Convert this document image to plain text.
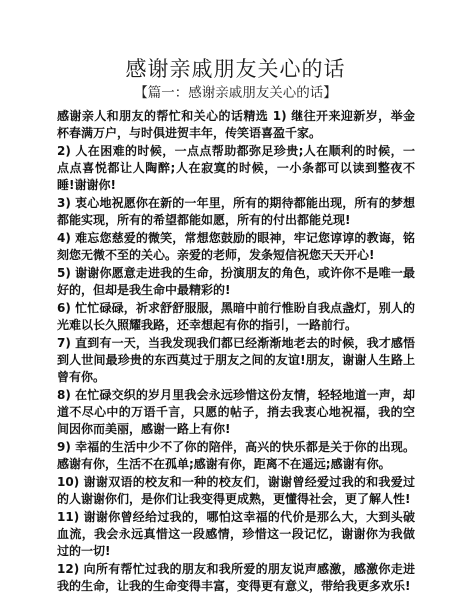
感谢亲戚朋友关心的话
【篇一：感谢亲戚朋友关心的话】

感谢亲人和朋友的帮忙和关心的话精选 1) 继往开来迎新岁，举金杯春满万户，与时俱进贺丰年，传笑语喜盈千家。

2) 人在困难的时候，一点点帮助都弥足珍贵;人在顺利的时候，一点点喜悦都让人陶醉;人在寂寞的时候，一小条都可以读到整夜不睡!谢谢你!

3) 衷心地祝愿你在新的一年里，所有的期待都能出现，所有的梦想都能实现，所有的希望都能如愿，所有的付出都能兑现!

4) 难忘您慈爱的微笑，常想您鼓励的眼神，牢记您谆谆的教诲，铭刻您无微不至的关心。亲爱的老师，发条短信祝您天天开心!

5) 谢谢你愿意走进我的生命，扮演朋友的角色，或许你不是唯一最好的，但却是我生命中最精彩的!

6) 忙忙碌碌，祈求舒舒服服，黑暗中前行惟盼自我点盏灯，别人的光难以长久照耀我路，还幸想起有你的指引，一路前行。

7) 直到有一天，当我发现我们都已经渐渐地老去的时候，我才感悟到人世间最珍贵的东西莫过于朋友之间的友谊!朋友，谢谢人生路上曾有你。

8) 在忙碌交织的岁月里我会永远珍惜这份友情，轻轻地道一声，却道不尽心中的万语千言，只愿的帖子，捎去我衷心地祝福，我的空间因你而美丽，感谢一路上有你!

9) 幸福的生活中少不了你的陪伴，高兴的快乐都是关于你的出现。感谢有你，生活不在孤单;感谢有你，距离不在遥远;感谢有你。

10) 谢谢双语的校友和一种的校友们，谢谢曾经爱过我的和我爱过的人谢谢你们，是你们让我变得更成熟，更懂得社会，更了解人性!

11) 谢谢你曾经给过我的，哪怕这幸福的代价是那么大，大到头破血流，我会永远真惜这一段感情，珍惜这一段记忆，谢谢你为我做过的一切!

12) 向所有帮忙过我的朋友和我所爱的朋友说声感激，感激你走进我的生命，让我的生命变得丰富，变得更有意义，带给我更多欢乐!
